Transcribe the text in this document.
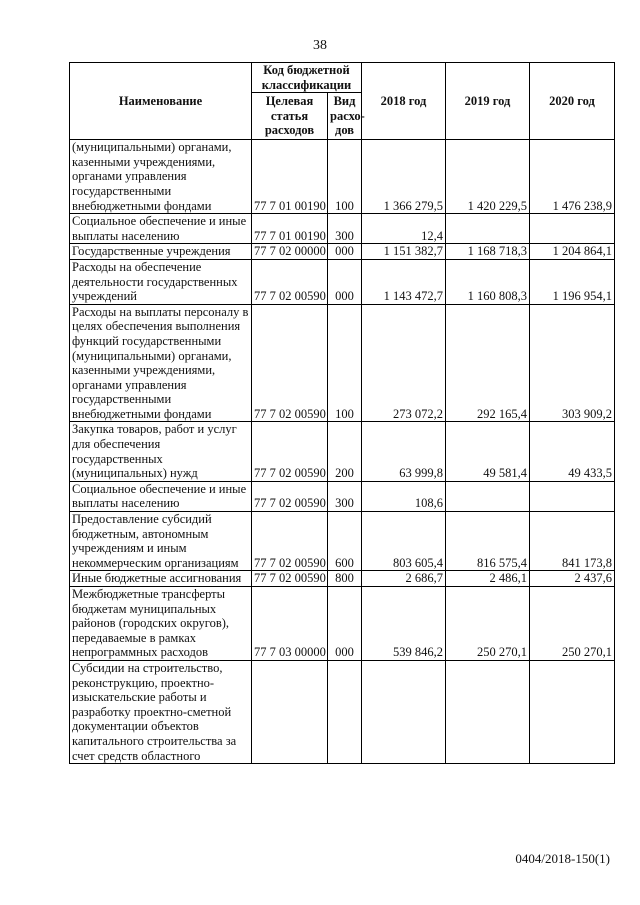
38
Наименование	Код бюджетной классификации		2018 год	2019 год	2020 год
	Целевая статья расходов	Вид расхо-дов			
(муниципальными) органами, казенными учреждениями, органами управления государственными внебюджетными фондами	77 7 01 00190	100	1 366 279,5	1 420 229,5	1 476 238,9
Социальное обеспечение и иные выплаты населению	77 7 01 00190	300	12,4		
Государственные учреждения	77 7 02 00000	000	1 151 382,7	1 168 718,3	1 204 864,1
Расходы на обеспечение деятельности государственных учреждений	77 7 02 00590	000	1 143 472,7	1 160 808,3	1 196 954,1
Расходы на выплаты персоналу в целях обеспечения выполнения функций государственными (муниципальными) органами, казенными учреждениями, органами управления государственными внебюджетными фондами	77 7 02 00590	100	273 072,2	292 165,4	303 909,2
Закупка товаров, работ и услуг для обеспечения государственных (муниципальных) нужд	77 7 02 00590	200	63 999,8	49 581,4	49 433,5
Социальное обеспечение и иные выплаты населению	77 7 02 00590	300	108,6		
Предоставление субсидий бюджетным, автономным учреждениям и иным некоммерческим организациям	77 7 02 00590	600	803 605,4	816 575,4	841 173,8
Иные бюджетные ассигнования	77 7 02 00590	800	2 686,7	2 486,1	2 437,6
Межбюджетные трансферты бюджетам муниципальных районов (городских округов), передаваемые в рамках непрограммных расходов	77 7 03 00000	000	539 846,2	250 270,1	250 270,1
Субсидии на строительство, реконструкцию, проектно-изыскательские работы и разработку проектно-сметной документации объектов капитального строительства за счет средств областного					
0404/2018-150(1)
